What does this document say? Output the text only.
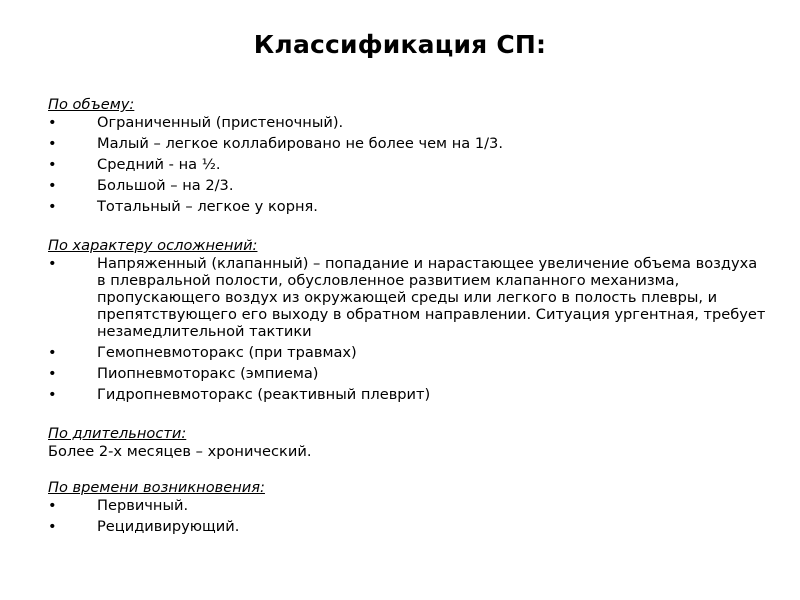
Классификация СП:

По объему:

•	Ограниченный (пристеночный).
•	Малый – легкое коллабировано не более чем на 1/3.
•	Средний - на ½.
•	Большой – на 2/3.
•	Тотальный – легкое у корня.

По характеру осложнений:

•	Напряженный (клапанный) – попадание и нарастающее увеличение объема воздуха в плевральной полости, обусловленное развитием клапанного механизма, пропускающего воздух из окружающей среды или легкого в полость плевры, и препятствующего его выходу в обратном направлении. Ситуация ургентная, требует незамедлительной тактики
•	Гемопневмоторакс (при травмах)
•	Пиопневмоторакс (эмпиема)
•	Гидропневмоторакс (реактивный плеврит)

По длительности:

Более 2-х месяцев – хронический.

По времени возникновения:

•	Первичный.
•	Рецидивирующий.
